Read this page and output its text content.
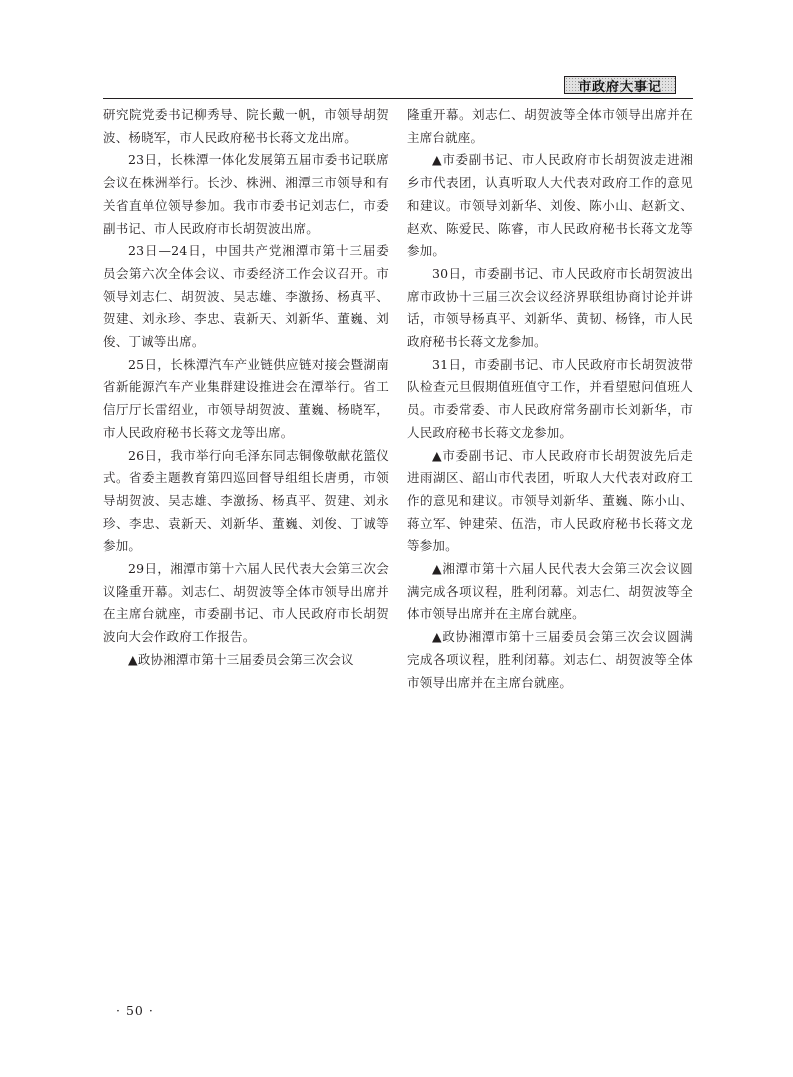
市政府大事记

研究院党委书记柳秀导、院长戴一帆，市领导胡贺波、杨晓军，市人民政府秘书长蒋文龙出席。

23日，长株潭一体化发展第五届市委书记联席会议在株洲举行。长沙、株洲、湘潭三市领导和有关省直单位领导参加。我市市委书记刘志仁，市委副书记、市人民政府市长胡贺波出席。

23日—24日，中国共产党湘潭市第十三届委员会第六次全体会议、市委经济工作会议召开。市领导刘志仁、胡贺波、吴志雄、李激扬、杨真平、贺建、刘永珍、李忠、袁新天、刘新华、董巍、刘俊、丁诚等出席。

25日，长株潭汽车产业链供应链对接会暨湖南省新能源汽车产业集群建设推进会在潭举行。省工信厅厅长雷绍业，市领导胡贺波、董巍、杨晓军，市人民政府秘书长蒋文龙等出席。

26日，我市举行向毛泽东同志铜像敬献花篮仪式。省委主题教育第四巡回督导组组长唐勇，市领导胡贺波、吴志雄、李激扬、杨真平、贺建、刘永珍、李忠、袁新天、刘新华、董巍、刘俊、丁诚等参加。

29日，湘潭市第十六届人民代表大会第三次会议隆重开幕。刘志仁、胡贺波等全体市领导出席并在主席台就座，市委副书记、市人民政府市长胡贺波向大会作政府工作报告。

▲政协湘潭市第十三届委员会第三次会议

隆重开幕。刘志仁、胡贺波等全体市领导出席并在主席台就座。

▲市委副书记、市人民政府市长胡贺波走进湘乡市代表团，认真听取人大代表对政府工作的意见和建议。市领导刘新华、刘俊、陈小山、赵新文、赵欢、陈爱民、陈睿，市人民政府秘书长蒋文龙等参加。

30日，市委副书记、市人民政府市长胡贺波出席市政协十三届三次会议经济界联组协商讨论并讲话，市领导杨真平、刘新华、黄韧、杨锋，市人民政府秘书长蒋文龙参加。

31日，市委副书记、市人民政府市长胡贺波带队检查元旦假期值班值守工作，并看望慰问值班人员。市委常委、市人民政府常务副市长刘新华，市人民政府秘书长蒋文龙参加。

▲市委副书记、市人民政府市长胡贺波先后走进雨湖区、韶山市代表团，听取人大代表对政府工作的意见和建议。市领导刘新华、董巍、陈小山、蒋立军、钟建荣、伍浩，市人民政府秘书长蒋文龙等参加。

▲湘潭市第十六届人民代表大会第三次会议圆满完成各项议程，胜利闭幕。刘志仁、胡贺波等全体市领导出席并在主席台就座。

▲政协湘潭市第十三届委员会第三次会议圆满完成各项议程，胜利闭幕。刘志仁、胡贺波等全体市领导出席并在主席台就座。

· 50 ·
